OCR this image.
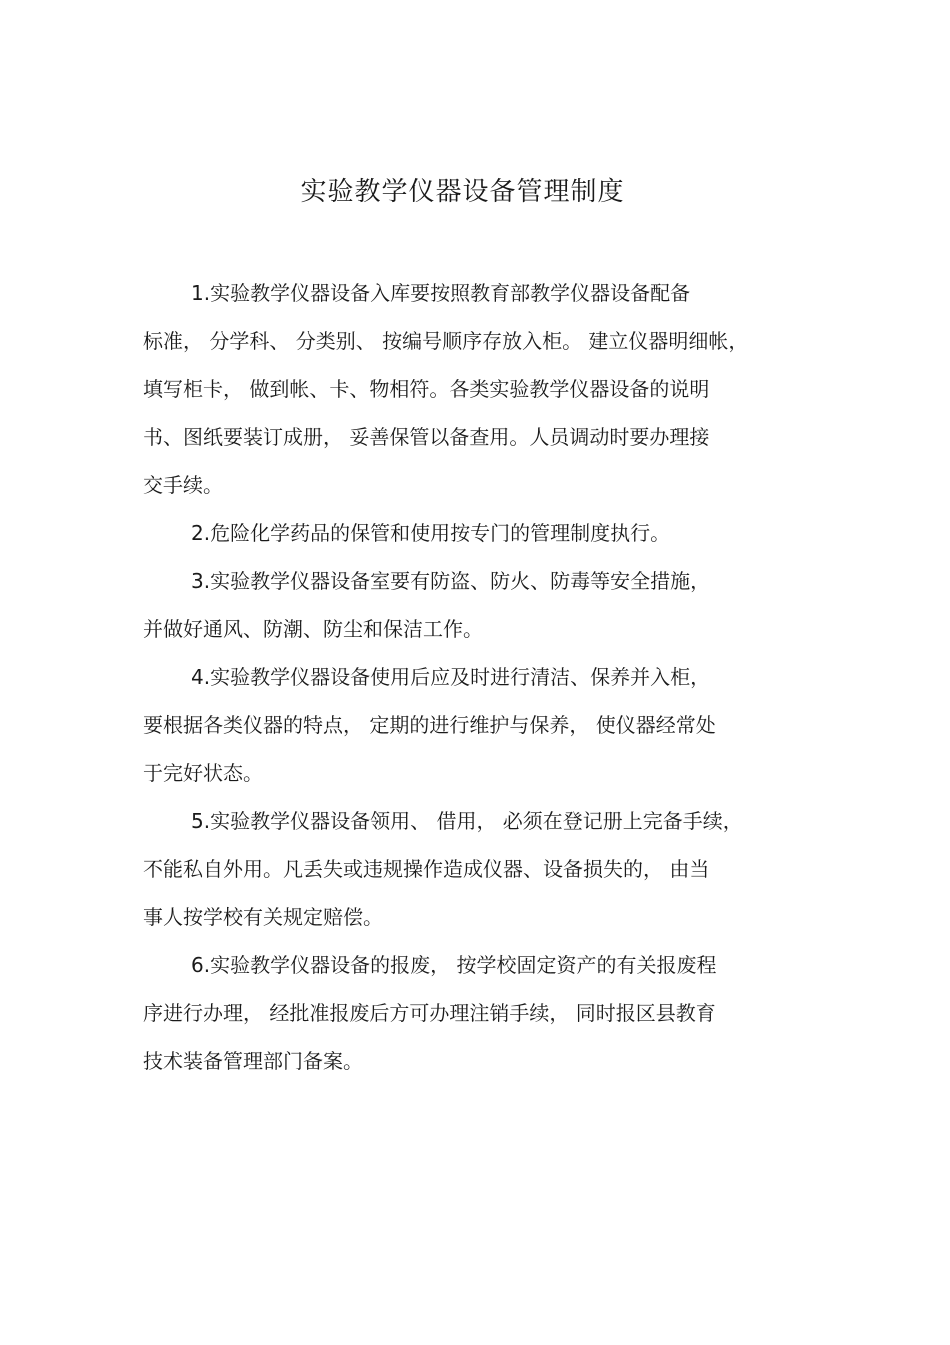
实验教学仪器设备管理制度
1.实验教学仪器设备入库要按照教育部教学仪器设备配备
标准， 分学科、 分类别、 按编号顺序存放入柜。 建立仪器明细帐，
填写柜卡， 做到帐、卡、物相符。各类实验教学仪器设备的说明
书、图纸要装订成册， 妥善保管以备查用。人员调动时要办理接
交手续。
2.危险化学药品的保管和使用按专门的管理制度执行。
3.实验教学仪器设备室要有防盗、防火、防毒等安全措施，
并做好通风、防潮、防尘和保洁工作。
4.实验教学仪器设备使用后应及时进行清洁、保养并入柜，
要根据各类仪器的特点， 定期的进行维护与保养， 使仪器经常处
于完好状态。
5.实验教学仪器设备领用、 借用， 必须在登记册上完备手续，
不能私自外用。凡丢失或违规操作造成仪器、设备损失的， 由当
事人按学校有关规定赔偿。
6.实验教学仪器设备的报废， 按学校固定资产的有关报废程
序进行办理， 经批准报废后方可办理注销手续， 同时报区县教育
技术装备管理部门备案。
